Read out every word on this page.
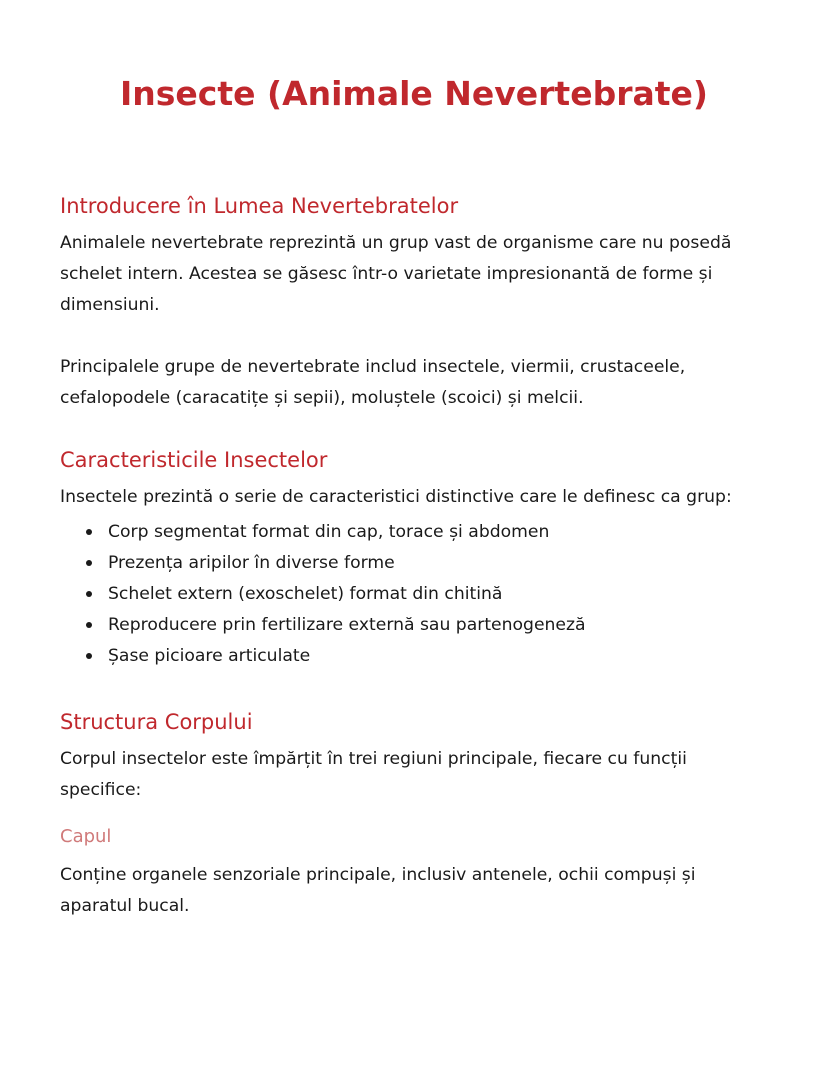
Insecte (Animale Nevertebrate)
Introducere în Lumea Nevertebratelor

Animalele nevertebrate reprezintă un grup vast de organisme care nu posedă schelet intern. Acestea se găsesc într-o varietate impresionantă de forme și dimensiuni.

Principalele grupe de nevertebrate includ insectele, viermii, crustaceele, cefalopodele (caracatițe și sepii), moluștele (scoici) și melcii.

Caracteristicile Insectelor

Insectele prezintă o serie de caracteristici distinctive care le definesc ca grup:

Corp segmentat format din cap, torace și abdomen
Prezența aripilor în diverse forme
Schelet extern (exoschelet) format din chitină
Reproducere prin fertilizare externă sau partenogeneză
Șase picioare articulate
Structura Corpului

Corpul insectelor este împărțit în trei regiuni principale, fiecare cu funcții specifice:

Capul

Conține organele senzoriale principale, inclusiv antenele, ochii compuși și aparatul bucal.
